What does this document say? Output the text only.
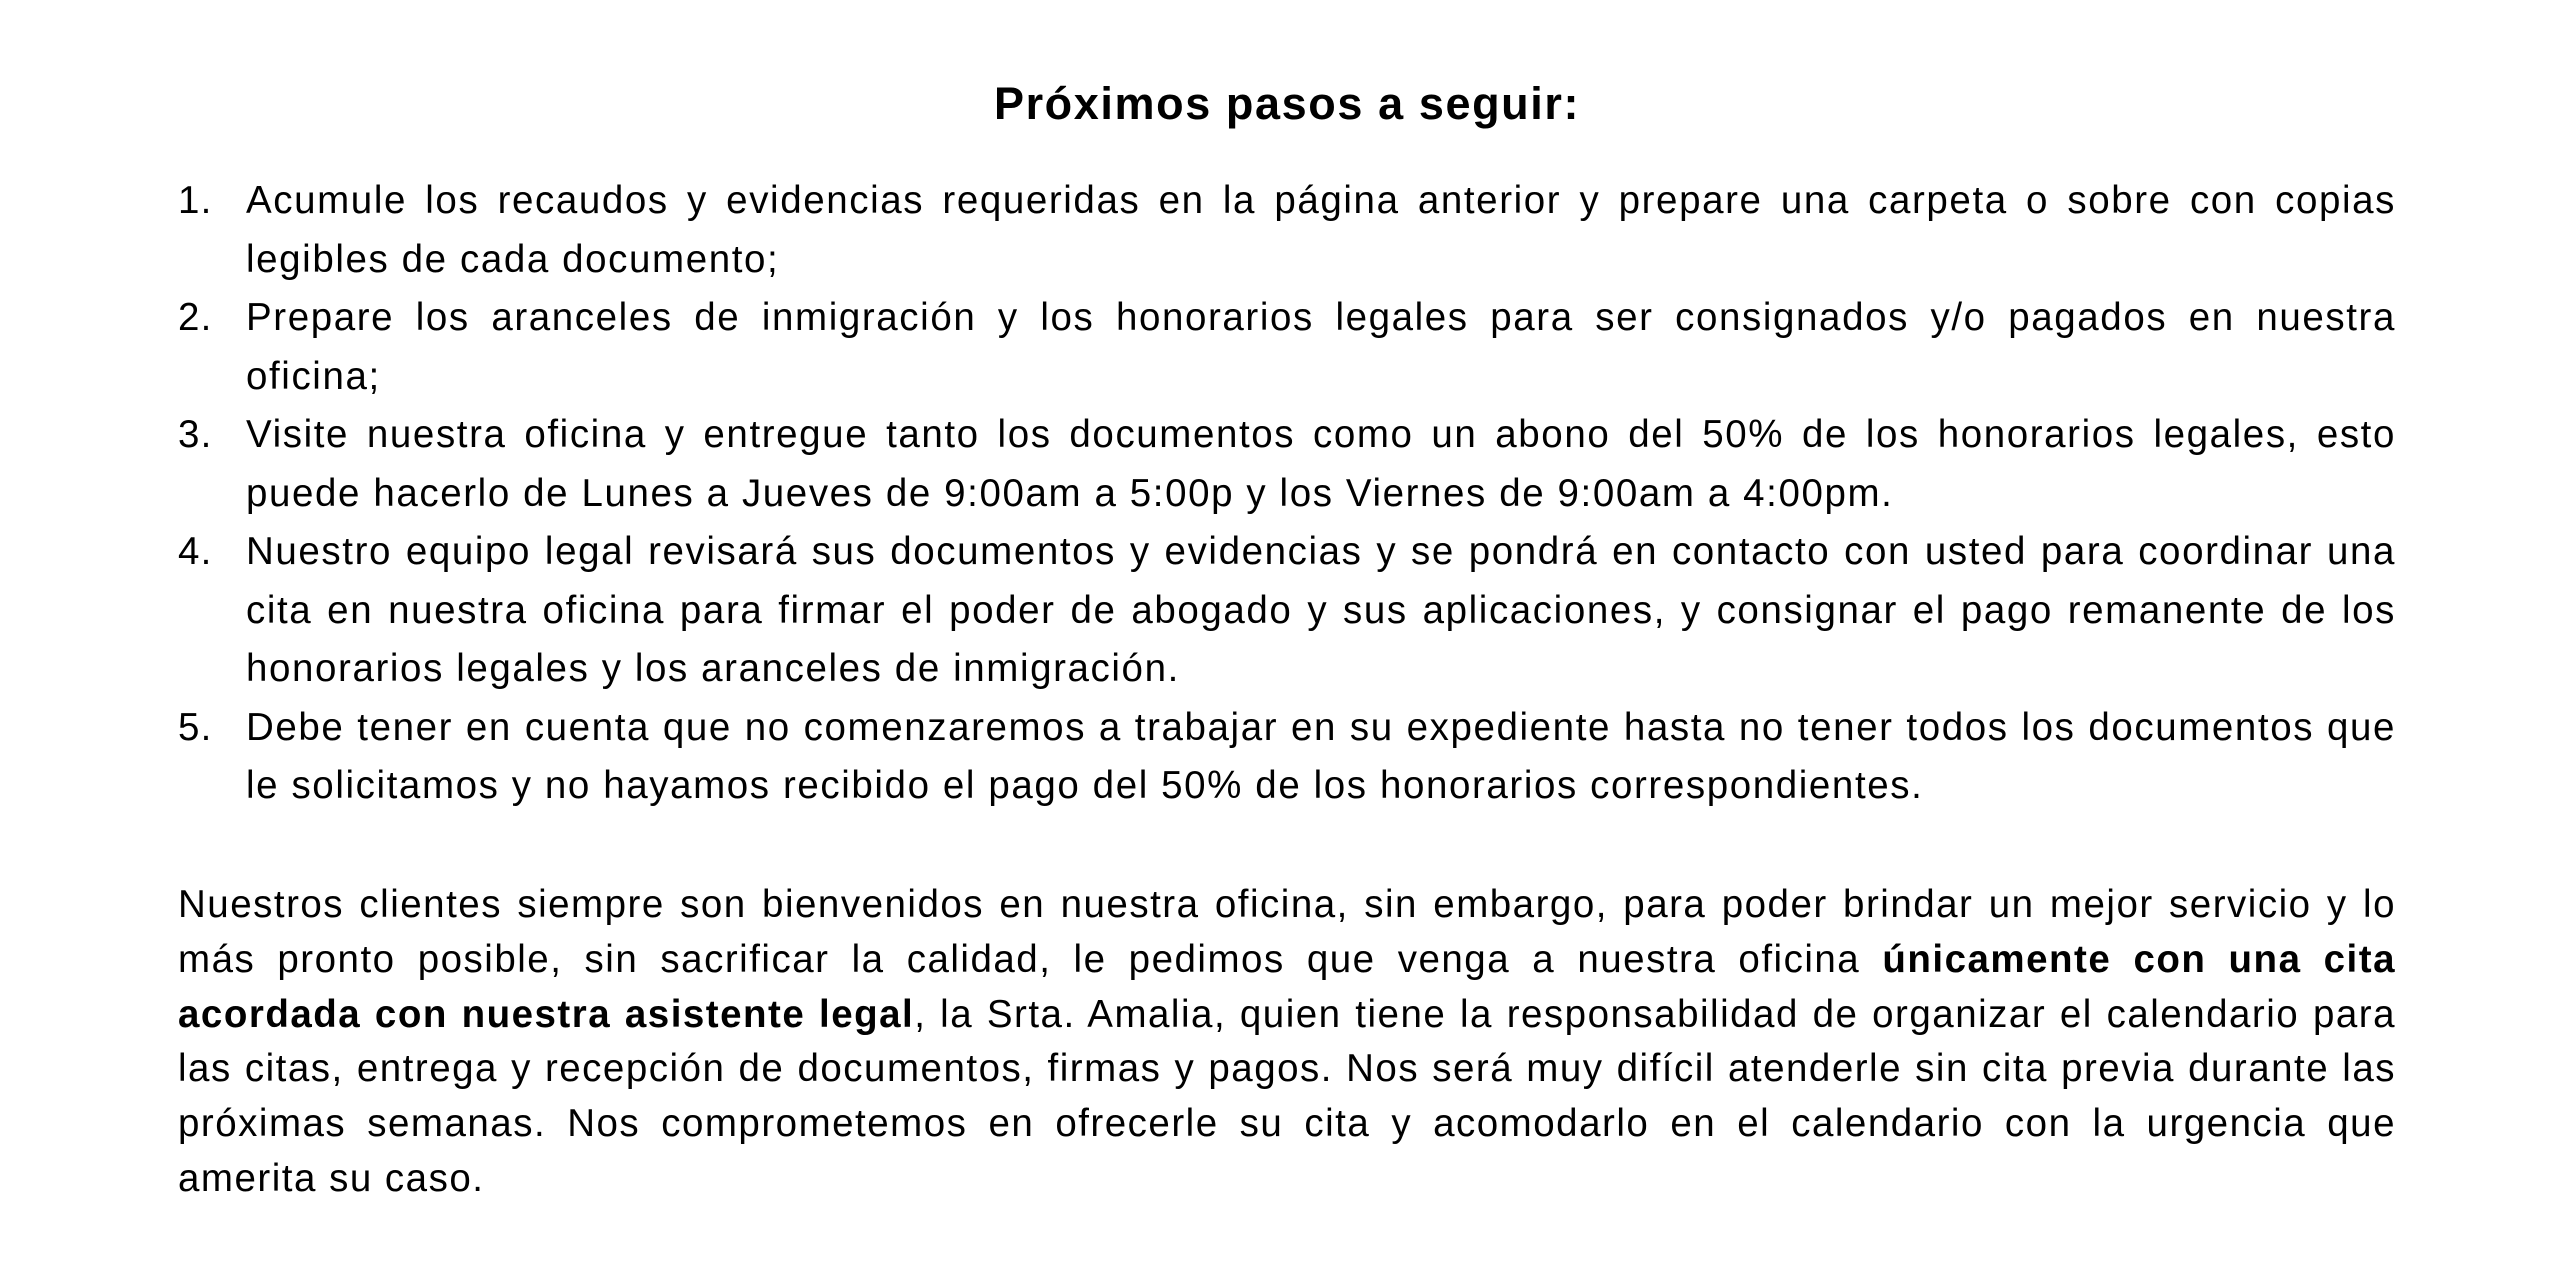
Próximos pasos a seguir:
1. Acumule los recaudos y evidencias requeridas en la página anterior y prepare una carpeta o sobre con copias legibles de cada documento;
2. Prepare los aranceles de inmigración y los honorarios legales para ser consignados y/o pagados en nuestra oficina;
3. Visite nuestra oficina y entregue tanto los documentos como un abono del 50% de los honorarios legales, esto puede hacerlo de Lunes a Jueves de 9:00am a 5:00p y los Viernes de 9:00am a 4:00pm.
4. Nuestro equipo legal revisará sus documentos y evidencias y se pondrá en contacto con usted para coordinar una cita en nuestra oficina para firmar el poder de abogado y sus aplicaciones, y consignar el pago remanente de los honorarios legales y los aranceles de inmigración.
5. Debe tener en cuenta que no comenzaremos a trabajar en su expediente hasta no tener todos los documentos que le solicitamos y no hayamos recibido el pago del 50% de los honorarios correspondientes.

Nuestros clientes siempre son bienvenidos en nuestra oficina, sin embargo, para poder brindar un mejor servicio y lo más pronto posible, sin sacrificar la calidad, le pedimos que venga a nuestra oficina únicamente con una cita acordada con nuestra asistente legal, la Srta. Amalia, quien tiene la responsabilidad de organizar el calendario para las citas, entrega y recepción de documentos, firmas y pagos. Nos será muy difícil atenderle sin cita previa durante las próximas semanas. Nos comprometemos en ofrecerle su cita y acomodarlo en el calendario con la urgencia que amerita su caso.
